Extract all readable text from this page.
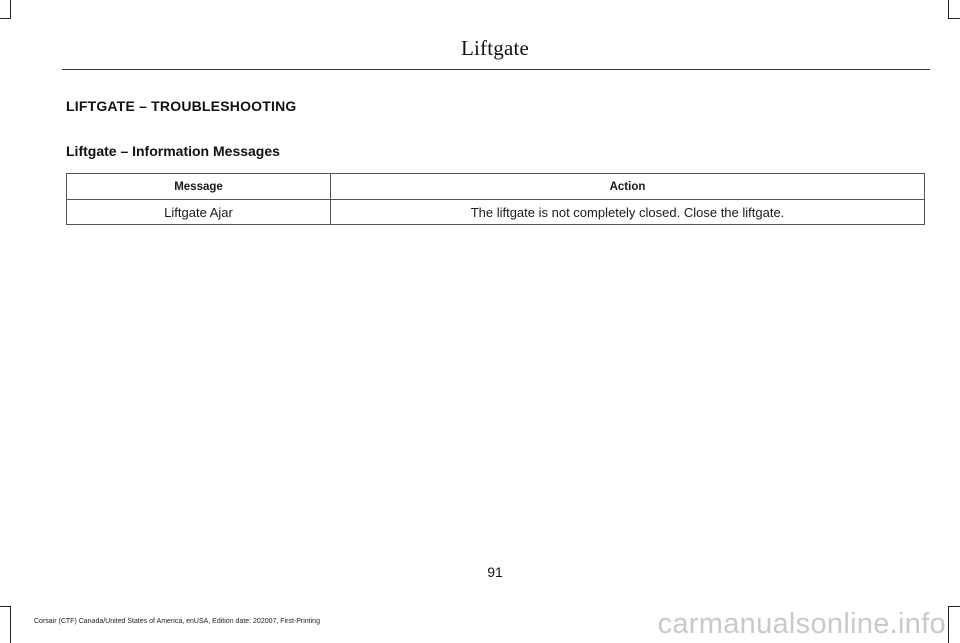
Liftgate
LIFTGATE – TROUBLESHOOTING
Liftgate – Information Messages
Message	Action
Liftgate Ajar	The liftgate is not completely closed. Close the liftgate.
91
Corsair (CTF) Canada/United States of America, enUSA, Edition date: 202007, First-Printing	carmanualsonline.info
